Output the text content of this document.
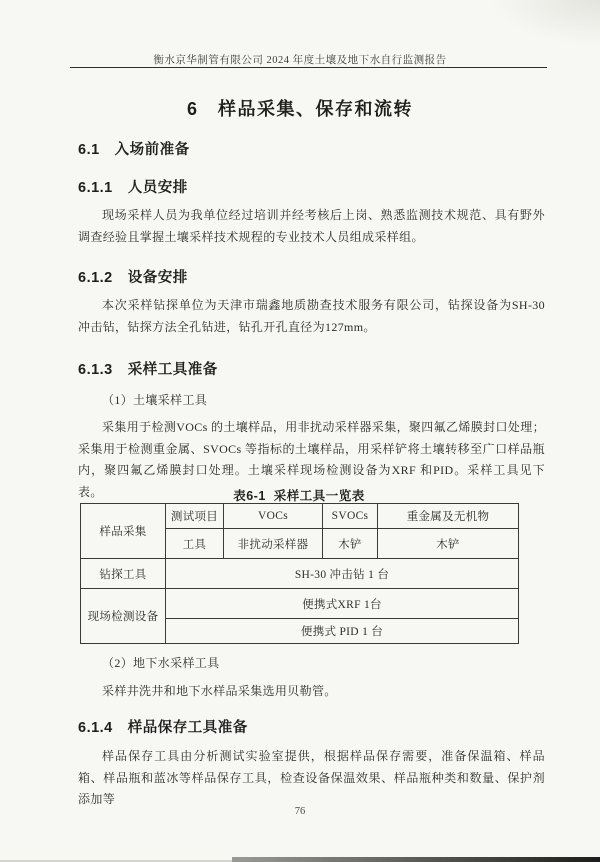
衡水京华制管有限公司 2024 年度土壤及地下水自行监测报告
6　样品采集、保存和流转
6.1　入场前准备
6.1.1　人员安排
现场采样人员为我单位经过培训并经考核后上岗、熟悉监测技术规范、具有野外调查经验且掌握土壤采样技术规程的专业技术人员组成采样组。
6.1.2　设备安排
本次采样钻探单位为天津市瑞鑫地质勘查技术服务有限公司，钻探设备为SH-30 冲击钻，钻探方法全孔钻进，钻孔开孔直径为127mm。
6.1.3　采样工具准备
（1）土壤采样工具
采集用于检测VOCs 的土壤样品，用非扰动采样器采集，聚四氟乙烯膜封口处理；采集用于检测重金属、SVOCs 等指标的土壤样品，用采样铲将土壤转移至广口样品瓶内，聚四氟乙烯膜封口处理。土壤采样现场检测设备为XRF 和PID。采样工具见下表。	表6-1  采样工具一览表
样品采集	测试项目	VOCs	SVOCs	重金属及无机物
	工具	非扰动采样器	木铲	木铲
钻探工具	SH-30 冲击钻 1 台			
现场检测设备	便携式XRF 1台			
	便携式 PID 1 台			
（2）地下水采样工具
采样井洗井和地下水样品采集选用贝勒管。
6.1.4　样品保存工具准备
样品保存工具由分析测试实验室提供，根据样品保存需要，准备保温箱、样品箱、样品瓶和蓝冰等样品保存工具，检查设备保温效果、样品瓶种类和数量、保护剂添加等
76
